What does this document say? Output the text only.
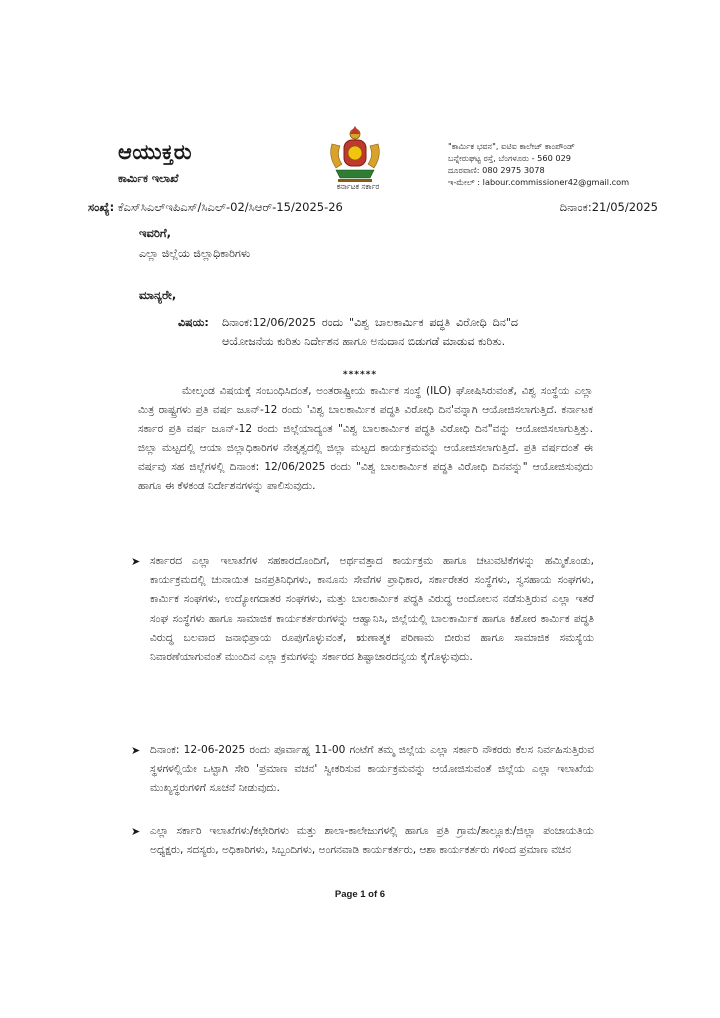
ಆಯುಕ್ತರು
ಕಾರ್ಮಿಕ ಇಲಾಖೆ
ಕರ್ನಾಟಕ ಸರ್ಕಾರ
"ಕಾರ್ಮಿಕ ಭವನ", ಐಟಿಐ ಕಾಲೇಜ್ ಕಾಂಪೌಂಡ್
ಬನ್ನೇರುಘಟ್ಟ ರಸ್ತೆ, ಬೆಂಗಳೂರು - 560 029
ದೂರವಾಣಿ: 080 2975 3078
ಇ-ಮೇಲ್ : labour.commissioner42@gmail.com
ಸಂಖ್ಯೆ: ಕೆಎಸ್‌ಸಿಎಲ್‌ಇಪಿಎಸ್/ಸಿಎಲ್-02/ಸಿಆರ್-15/2025-26	ದಿನಾಂಕ:21/05/2025
ಇವರಿಗೆ,
ಎಲ್ಲಾ ಜಿಲ್ಲೆಯ ಜಿಲ್ಲಾಧಿಕಾರಿಗಳು
ಮಾನ್ಯರೇ,
ವಿಷಯ: ದಿನಾಂಕ:12/06/2025 ರಂದು "ವಿಶ್ವ ಬಾಲಕಾರ್ಮಿಕ ಪದ್ಧತಿ ವಿರೋಧಿ ದಿನ"ದ ಆಯೋಜನೆಯ ಕುರಿತು ನಿರ್ದೇಶನ ಹಾಗೂ ಅನುದಾನ ಬಿಡುಗಡೆ ಮಾಡುವ ಕುರಿತು.
******
ಮೇಲ್ಕಂಡ ವಿಷಯಕ್ಕೆ ಸಂಬಂಧಿಸಿದಂತೆ, ಅಂತರಾಷ್ಟ್ರೀಯ ಕಾರ್ಮಿಕ ಸಂಸ್ಥೆ (ILO) ಘೋಷಿಸಿರುವಂತೆ, ವಿಶ್ವ ಸಂಸ್ಥೆಯ ಎಲ್ಲಾ ಮಿತ್ರ ರಾಷ್ಟ್ರಗಳು ಪ್ರತಿ ವರ್ಷ ಜೂನ್-12 ರಂದು 'ವಿಶ್ವ ಬಾಲಕಾರ್ಮಿಕ ಪದ್ಧತಿ ವಿರೋಧಿ ದಿನ'ವನ್ನಾಗಿ ಆಯೋಜಿಸಲಾಗುತ್ತಿದೆ. ಕರ್ನಾಟಕ ಸರ್ಕಾರ ಪ್ರತಿ ವರ್ಷ ಜೂನ್-12 ರಂದು ಜಿಲ್ಲೆಯಾದ್ಯಂತ "ವಿಶ್ವ ಬಾಲಕಾರ್ಮಿಕ ಪದ್ಧತಿ ವಿರೋಧಿ ದಿನ"ವನ್ನು ಆಯೋಜಿಸಲಾಗುತ್ತಿತ್ತು. ಜಿಲ್ಲಾ ಮಟ್ಟದಲ್ಲಿ ಆಯಾ ಜಿಲ್ಲಾಧಿಕಾರಿಗಳ ನೇತೃತ್ವದಲ್ಲಿ ಜಿಲ್ಲಾ ಮಟ್ಟದ ಕಾರ್ಯಕ್ರಮವನ್ನು ಆಯೋಜಿಸಲಾಗುತ್ತಿದೆ. ಪ್ರತಿ ವರ್ಷದಂತೆ ಈ ವರ್ಷವು ಸಹ ಜಿಲ್ಲೆಗಳಲ್ಲಿ ದಿನಾಂಕ: 12/06/2025 ರಂದು "ವಿಶ್ವ ಬಾಲಕಾರ್ಮಿಕ ಪದ್ಧತಿ ವಿರೋಧಿ ದಿನವನ್ನು" ಆಯೋಜಿಸುವುದು ಹಾಗೂ ಈ ಕೆಳಕಂಡ ನಿರ್ದೇಶನಗಳನ್ನು ಪಾಲಿಸುವುದು.
➤ ಸರ್ಕಾರದ ಎಲ್ಲಾ ಇಲಾಖೆಗಳ ಸಹಕಾರದೊಂದಿಗೆ, ಅರ್ಥವತ್ತಾದ ಕಾರ್ಯಕ್ರಮ ಹಾಗೂ ಚಟುವಟಿಕೆಗಳನ್ನು ಹಮ್ಮಿಕೊಂಡು, ಕಾರ್ಯಕ್ರಮದಲ್ಲಿ ಚುನಾಯಿತ ಜನಪ್ರತಿನಿಧಿಗಳು, ಕಾನೂನು ಸೇವೆಗಳ ಪ್ರಾಧಿಕಾರ, ಸರ್ಕಾರೇತರ ಸಂಸ್ಥೆಗಳು, ಸ್ವಸಹಾಯ ಸಂಘಗಳು, ಕಾರ್ಮಿಕ ಸಂಘಗಳು, ಉದ್ಯೋಗದಾತರ ಸಂಘಗಳು, ಮತ್ತು ಬಾಲಕಾರ್ಮಿಕ ಪದ್ಧತಿ ವಿರುದ್ಧ ಆಂದೋಲನ ನಡೆಸುತ್ತಿರುವ ಎಲ್ಲಾ ಇತರೆ ಸಂಘ ಸಂಸ್ಥೆಗಳು ಹಾಗೂ ಸಾಮಾಜಿಕ ಕಾರ್ಯಕರ್ತರುಗಳನ್ನು ಆಹ್ವಾನಿಸಿ, ಜಿಲ್ಲೆಯಲ್ಲಿ ಬಾಲಕಾರ್ಮಿಕ ಹಾಗೂ ಕಿಶೋರ ಕಾರ್ಮಿಕ ಪದ್ಧತಿ ವಿರುದ್ಧ ಬಲವಾದ ಜನಾಭಿಪ್ರಾಯ ರೂಪುಗೊಳ್ಳುವಂತೆ, ಋಣಾತ್ಮಕ ಪರಿಣಾಮ ಬೀರುವ ಹಾಗೂ ಸಾಮಾಜಿಕ ಸಮಸ್ಯೆಯ ನಿವಾರಣೆಯಾಗುವಂತೆ ಮುಂದಿನ ಎಲ್ಲಾ ಕ್ರಮಗಳನ್ನು ಸರ್ಕಾರದ ಶಿಷ್ಟಾಚಾರದನ್ವಯ ಕೈಗೊಳ್ಳುವುದು.
➤ ದಿನಾಂಕ: 12-06-2025 ರಂದು ಪೂರ್ವಾಹ್ನ 11-00 ಗಂಟೆಗೆ ತಮ್ಮ ಜಿಲ್ಲೆಯ ಎಲ್ಲಾ ಸರ್ಕಾರಿ ನೌಕರರು ಕೆಲಸ ನಿರ್ವಹಿಸುತ್ತಿರುವ ಸ್ಥಳಗಳಲ್ಲಿಯೇ ಒಟ್ಟಾಗಿ ಸೇರಿ 'ಪ್ರಮಾಣ ವಚನ' ಸ್ವೀಕರಿಸುವ ಕಾರ್ಯಕ್ರಮವನ್ನು ಆಯೋಜಿಸುವಂತೆ ಜಿಲ್ಲೆಯ ಎಲ್ಲಾ ಇಲಾಖೆಯ ಮುಖ್ಯಸ್ಥರುಗಳಿಗೆ ಸೂಚನೆ ನೀಡುವುದು.
➤ ಎಲ್ಲಾ ಸರ್ಕಾರಿ ಇಲಾಖೆಗಳು/ಕಛೇರಿಗಳು ಮತ್ತು ಶಾಲಾ-ಕಾಲೇಜುಗಳಲ್ಲಿ ಹಾಗೂ ಪ್ರತಿ ಗ್ರಾಮ/ತಾಲ್ಲೂಕು/ಜಿಲ್ಲಾ ಪಂಚಾಯತಿಯ ಅಧ್ಯಕ್ಷರು, ಸದಸ್ಯರು, ಅಧಿಕಾರಿಗಳು, ಸಿಬ್ಬಂದಿಗಳು, ಅಂಗನವಾಡಿ ಕಾರ್ಯಕರ್ತರು, ಆಶಾ ಕಾರ್ಯಕರ್ತರು ಗಳಿಂದ ಪ್ರಮಾಣ ವಚನ
Page 1 of 6
